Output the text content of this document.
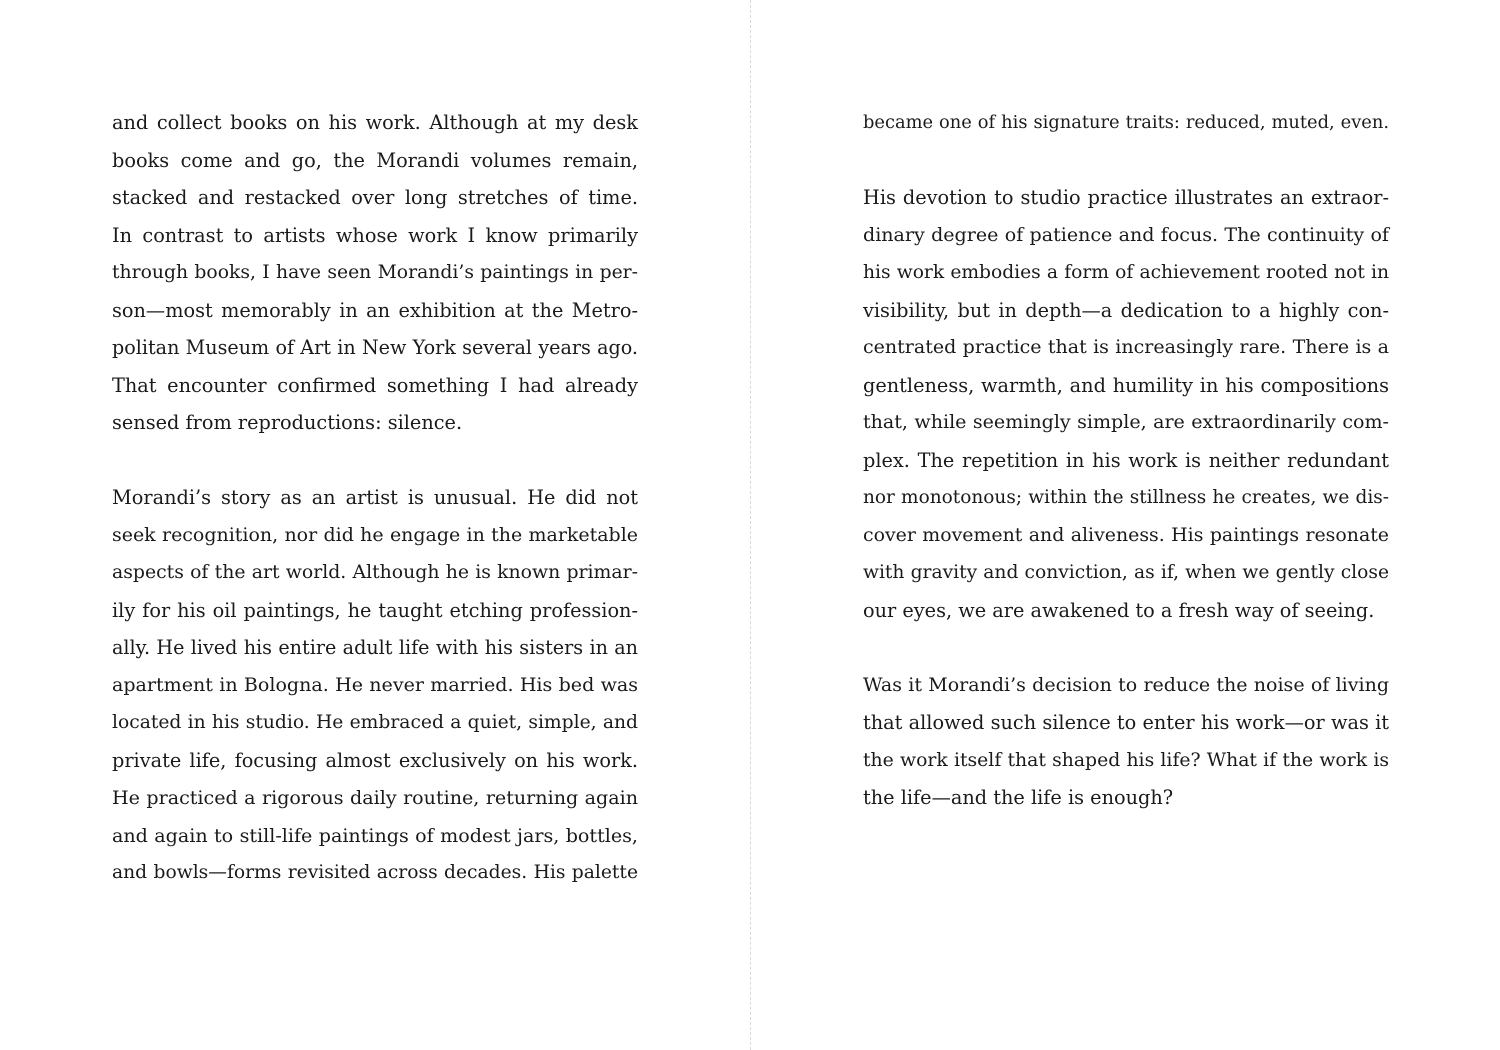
and collect books on his work. Although at my desk
books come and go, the Morandi volumes remain,
stacked and restacked over long stretches of time.
In contrast to artists whose work I know primarily
through books, I have seen Morandi’s paintings in per-
son—most memorably in an exhibition at the Metro-
politan Museum of Art in New York several years ago.
That encounter confirmed something I had already
sensed from reproductions: silence.
Morandi’s story as an artist is unusual. He did not
seek recognition, nor did he engage in the marketable
aspects of the art world. Although he is known primar-
ily for his oil paintings, he taught etching profession-
ally. He lived his entire adult life with his sisters in an
apartment in Bologna. He never married. His bed was
located in his studio. He embraced a quiet, simple, and
private life, focusing almost exclusively on his work.
He practiced a rigorous daily routine, returning again
and again to still-life paintings of modest jars, bottles,
and bowls—forms revisited across decades. His palette
became one of his signature traits: reduced, muted, even.
His devotion to studio practice illustrates an extraor-
dinary degree of patience and focus. The continuity of
his work embodies a form of achievement rooted not in
visibility, but in depth—a dedication to a highly con-
centrated practice that is increasingly rare. There is a
gentleness, warmth, and humility in his compositions
that, while seemingly simple, are extraordinarily com-
plex. The repetition in his work is neither redundant
nor monotonous; within the stillness he creates, we dis-
cover movement and aliveness. His paintings resonate
with gravity and conviction, as if, when we gently close
our eyes, we are awakened to a fresh way of seeing.
Was it Morandi’s decision to reduce the noise of living
that allowed such silence to enter his work—or was it
the work itself that shaped his life? What if the work is
the life—and the life is enough?
